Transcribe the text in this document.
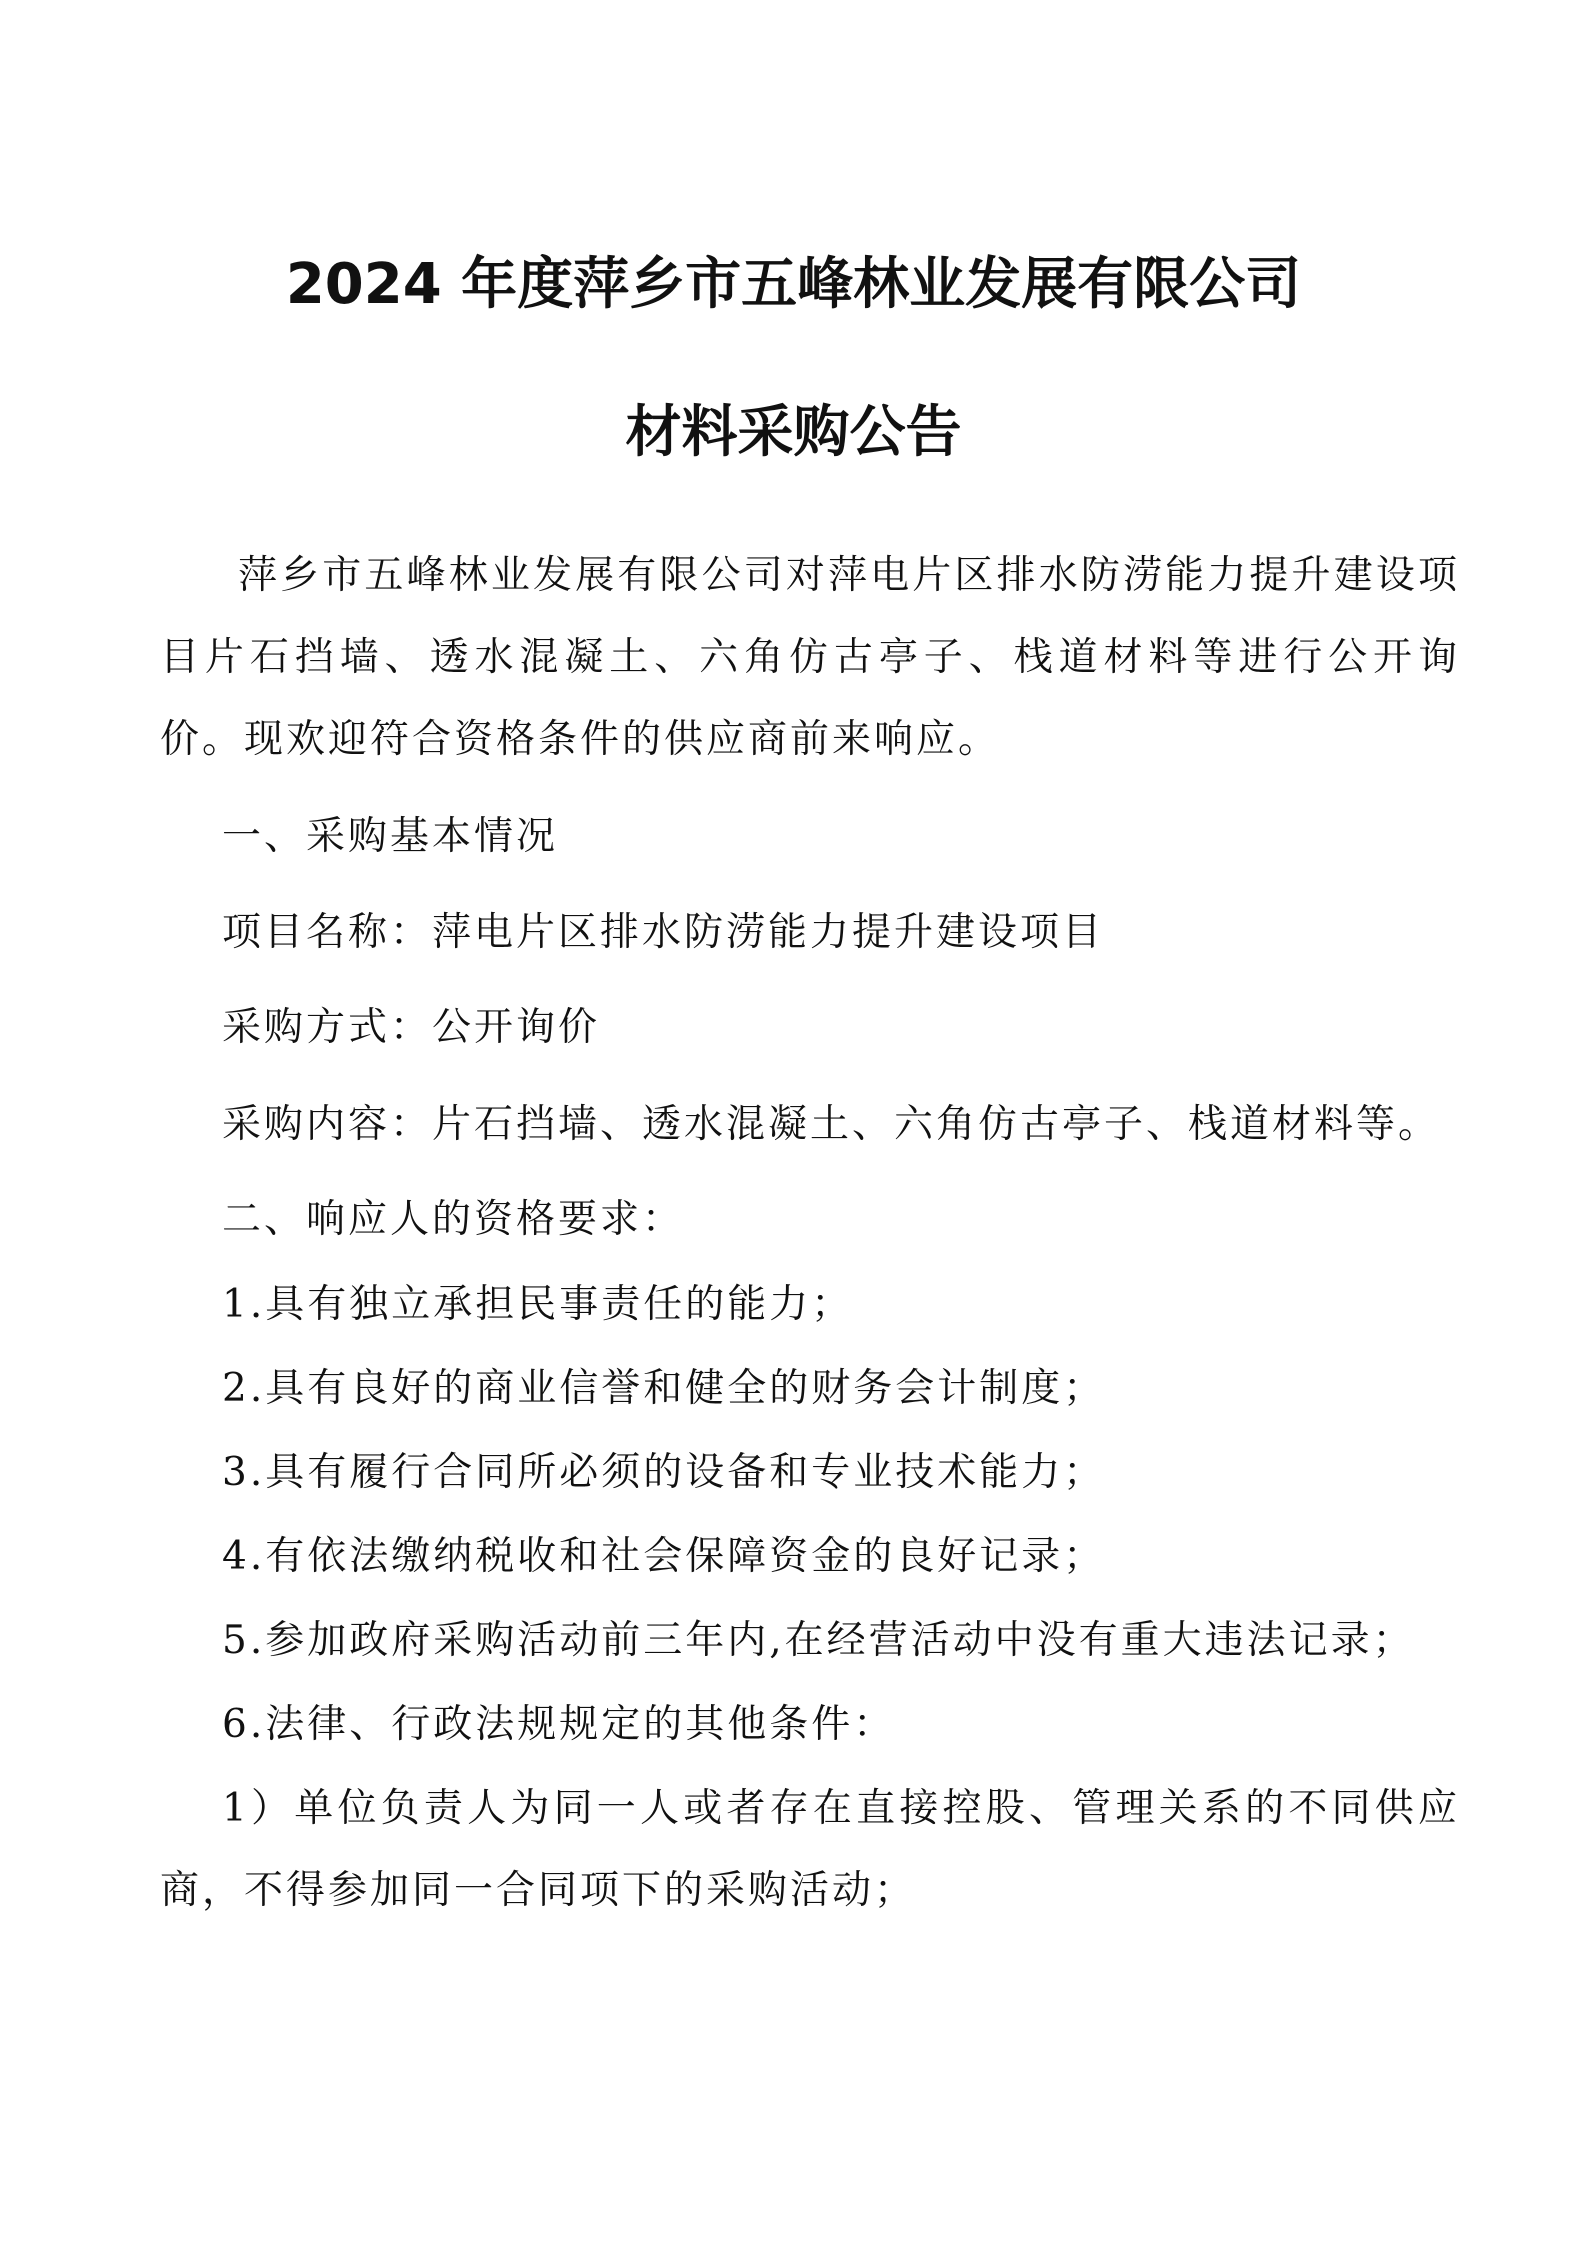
2024 年度萍乡市五峰林业发展有限公司
材料采购公告

萍乡市五峰林业发展有限公司对萍电片区排水防涝能力提升建设项目片石挡墙、透水混凝土、六角仿古亭子、栈道材料等进行公开询价。现欢迎符合资格条件的供应商前来响应。

一、采购基本情况

项目名称：萍电片区排水防涝能力提升建设项目

采购方式：公开询价

采购内容：片石挡墙、透水混凝土、六角仿古亭子、栈道材料等。

二、响应人的资格要求：

1.具有独立承担民事责任的能力；

2.具有良好的商业信誉和健全的财务会计制度；

3.具有履行合同所必须的设备和专业技术能力；

4.有依法缴纳税收和社会保障资金的良好记录；

5.参加政府采购活动前三年内,在经营活动中没有重大违法记录；

6.法律、行政法规规定的其他条件：

1）单位负责人为同一人或者存在直接控股、管理关系的不同供应商，不得参加同一合同项下的采购活动；
